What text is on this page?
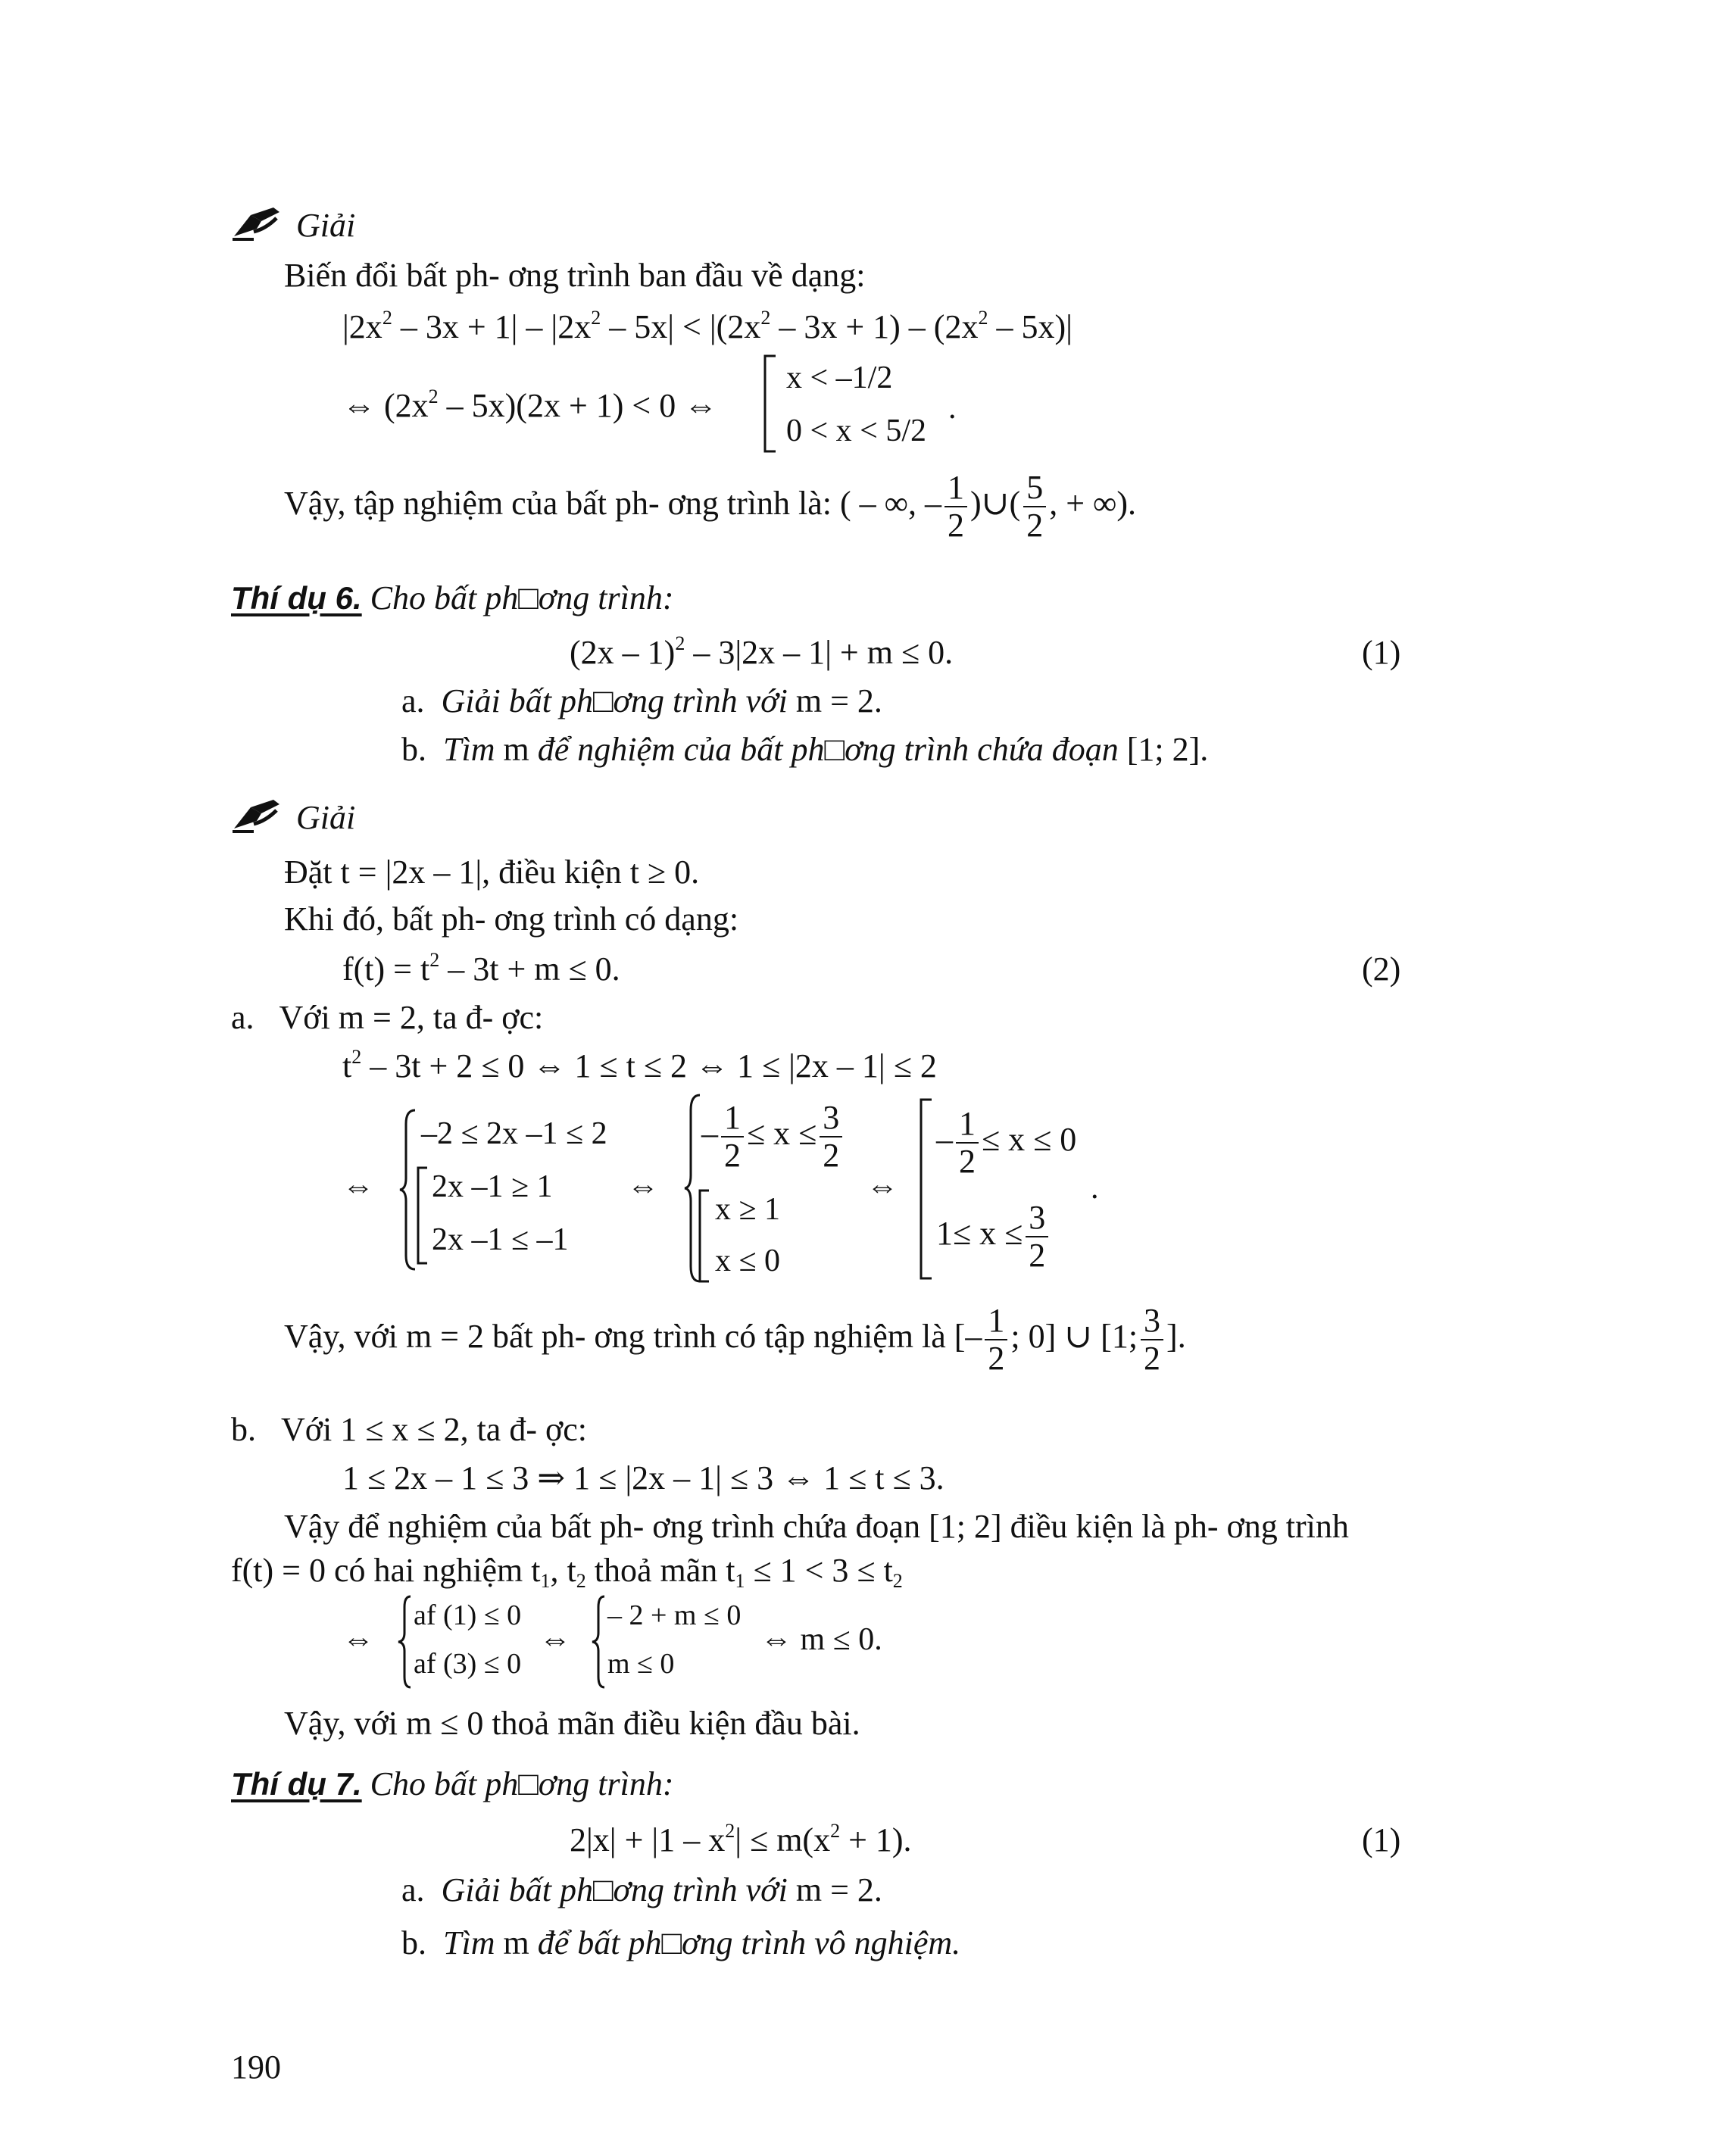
Giải
Biến đổi bất ph- ơng trình ban đầu về dạng:
$|2x^2 - 3x + 1| - |2x^2 - 5x| < |(2x^2 - 3x + 1) - (2x^2 - 5x)|$
⇔ $(2x^2 - 5x)(2x + 1) < 0$ ⇔
x < –1/2
0 < x < 5/2
.
Vậy, tập nghiệm của bất ph- ơng trình là: ( – ∞, – $\frac{1}{2}$ )∪( $\frac{5}{2}$ , + ∞).
Thí dụ 6. Cho bất ph□ơng trình:
(2x – 1)$^2$ – 3|2x – 1| + m ≤ 0.	(1)
a. Giải bất ph□ơng trình với m = 2.
b. Tìm m để nghiệm của bất ph□ơng trình chứa đoạn [1; 2].
Giải
Đặt t = |2x – 1|, điều kiện t ≥ 0.
Khi đó, bất ph- ơng trình có dạng:
$f(t) = t^2 - 3t + m \le 0$.	(2)
a. Với m = 2, ta đ- ợc:
$t^2 - 3t + 2 \le 0$ ⇔ 1 ≤ t ≤ 2 ⇔ 1 ≤ |2x – 1| ≤ 2
⇔
–2 ≤ 2x –1 ≤ 2
2x –1 ≥ 1
2x –1 ≤ –1
⇔
– $\frac{1}{2} \le x \le \frac{3}{2}$
x ≥ 1
x ≤ 0
⇔
– $\frac{1}{2} \le x \le 0$
$1\le x \le \frac{3}{2}$
.
Vậy, với m = 2 bất ph- ơng trình có tập nghiệm là [– $\frac{1}{2}$ ; 0] ∪ [1; $\frac{3}{2}$ ].
b. Với 1 ≤ x ≤ 2, ta đ- ợc:
1 ≤ 2x – 1 ≤ 3 ⇒ 1 ≤ |2x – 1| ≤ 3 ⇔ 1 ≤ t ≤ 3.
Vậy để nghiệm của bất ph- ơng trình chứa đoạn [1; 2] điều kiện là ph- ơng trình
f(t) = 0 có hai nghiệm $t_1$, $t_2$ thoả mãn $t_1 \le 1 < 3 \le t_2$
⇔
af (1) ≤ 0
af (3) ≤ 0
⇔
– 2 + m ≤ 0
m ≤ 0
⇔ m ≤ 0.
Vậy, với m ≤ 0 thoả mãn điều kiện đầu bài.
Thí dụ 7. Cho bất ph□ơng trình:
$2|x| + |1 - x^2| \le m(x^2 + 1)$.	(1)
a. Giải bất ph□ơng trình với m = 2.
b. Tìm m để bất ph□ơng trình vô nghiệm.
190
